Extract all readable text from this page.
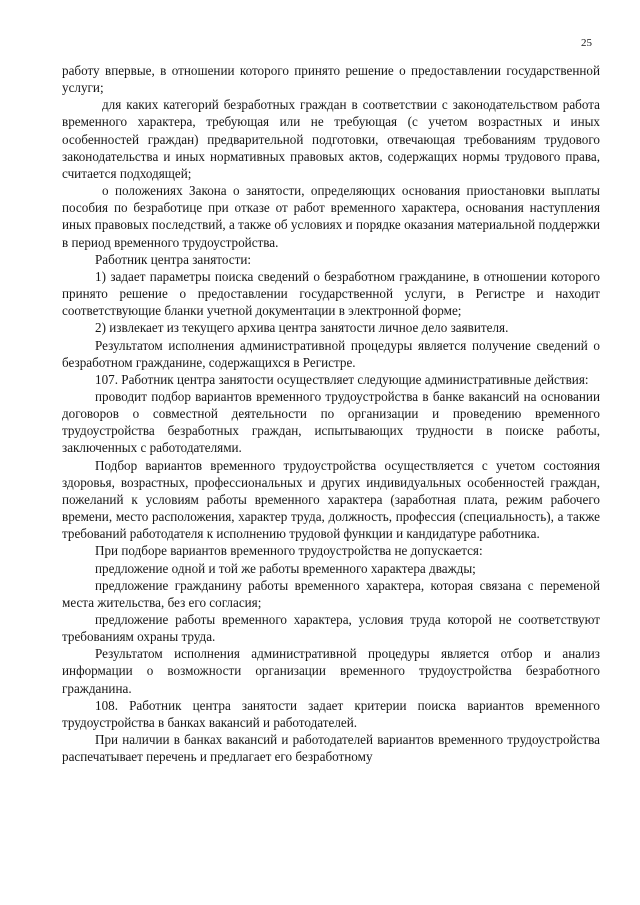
25

работу впервые, в отношении которого принято решение о предоставлении государственной услуги;

для каких категорий безработных граждан в соответствии с законодательством работа временного характера, требующая или не требующая (с учетом возрастных и иных особенностей граждан) предварительной подготовки, отвечающая требованиям трудового законодательства и иных нормативных правовых актов, содержащих нормы трудового права, считается подходящей;

о положениях Закона о занятости, определяющих основания приостановки выплаты пособия по безработице при отказе от работ временного характера, основания наступления иных правовых последствий, а также об условиях и порядке оказания материальной поддержки в период временного трудоустройства.

Работник центра занятости:

1) задает параметры поиска сведений о безработном гражданине, в отношении которого принято решение о предоставлении государственной услуги, в Регистре и находит соответствующие бланки учетной документации в электронной форме;

2) извлекает из текущего архива центра занятости личное дело заявителя.

Результатом исполнения административной процедуры является получение сведений о безработном гражданине, содержащихся в Регистре.

107. Работник центра занятости осуществляет следующие административные действия:

проводит подбор вариантов временного трудоустройства в банке вакансий на основании договоров о совместной деятельности по организации и проведению временного трудоустройства безработных граждан, испытывающих трудности в поиске работы, заключенных с работодателями.

Подбор вариантов временного трудоустройства осуществляется с учетом состояния здоровья, возрастных, профессиональных и других индивидуальных особенностей граждан, пожеланий к условиям работы временного характера (заработная плата, режим рабочего времени, место расположения, характер труда, должность, профессия (специальность), а также требований работодателя к исполнению трудовой функции и кандидатуре работника.

При подборе вариантов временного трудоустройства не допускается:

предложение одной и той же работы временного характера дважды;

предложение гражданину работы временного характера, которая связана с переменой места жительства, без его согласия;

предложение работы временного характера, условия труда которой не соответствуют требованиям охраны труда.

Результатом исполнения административной процедуры является отбор и анализ информации о возможности организации временного трудоустройства безработного гражданина.

108. Работник центра занятости задает критерии поиска вариантов временного трудоустройства в банках вакансий и работодателей.

При наличии в банках вакансий и работодателей вариантов временного трудоустройства распечатывает перечень и предлагает его безработному
